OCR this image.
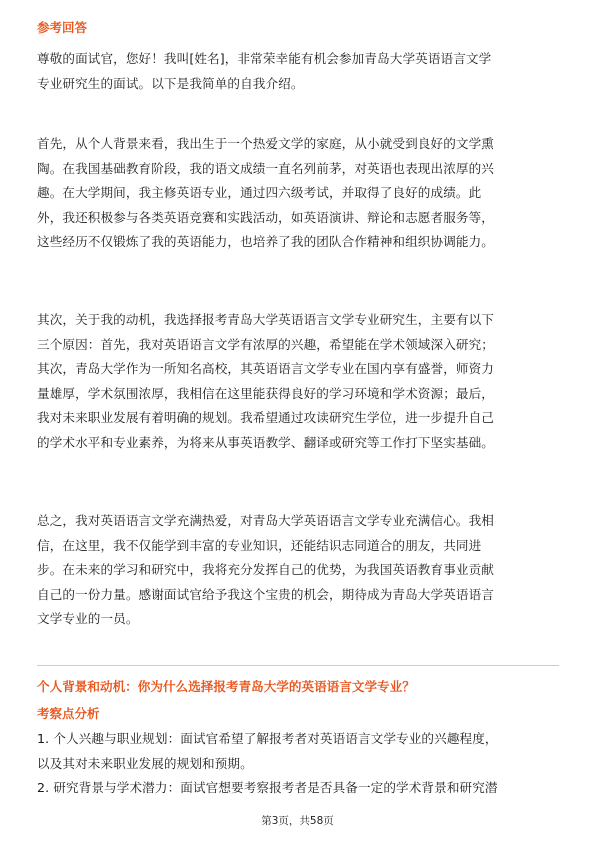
参考回答
尊敬的面试官，您好！我叫[姓名]，非常荣幸能有机会参加青岛大学英语语言文学
专业研究生的面试。以下是我简单的自我介绍。
首先，从个人背景来看，我出生于一个热爱文学的家庭，从小就受到良好的文学熏
陶。在我国基础教育阶段，我的语文成绩一直名列前茅，对英语也表现出浓厚的兴
趣。在大学期间，我主修英语专业，通过四六级考试，并取得了良好的成绩。此
外，我还积极参与各类英语竞赛和实践活动，如英语演讲、辩论和志愿者服务等，
这些经历不仅锻炼了我的英语能力，也培养了我的团队合作精神和组织协调能力。
其次，关于我的动机，我选择报考青岛大学英语语言文学专业研究生，主要有以下
三个原因：首先，我对英语语言文学有浓厚的兴趣，希望能在学术领域深入研究；
其次，青岛大学作为一所知名高校，其英语语言文学专业在国内享有盛誉，师资力
量雄厚，学术氛围浓厚，我相信在这里能获得良好的学习环境和学术资源；最后，
我对未来职业发展有着明确的规划。我希望通过攻读研究生学位，进一步提升自己
的学术水平和专业素养，为将来从事英语教学、翻译或研究等工作打下坚实基础。
总之，我对英语语言文学充满热爱，对青岛大学英语语言文学专业充满信心。我相
信，在这里，我不仅能学到丰富的专业知识，还能结识志同道合的朋友，共同进
步。在未来的学习和研究中，我将充分发挥自己的优势，为我国英语教育事业贡献
自己的一份力量。感谢面试官给予我这个宝贵的机会，期待成为青岛大学英语语言
文学专业的一员。
个人背景和动机：你为什么选择报考青岛大学的英语语言文学专业？
考察点分析
1. 个人兴趣与职业规划：面试官希望了解报考者对英语语言文学专业的兴趣程度，
以及其对未来职业发展的规划和预期。
2. 研究背景与学术潜力：面试官想要考察报考者是否具备一定的学术背景和研究潜
第3页，共58页
